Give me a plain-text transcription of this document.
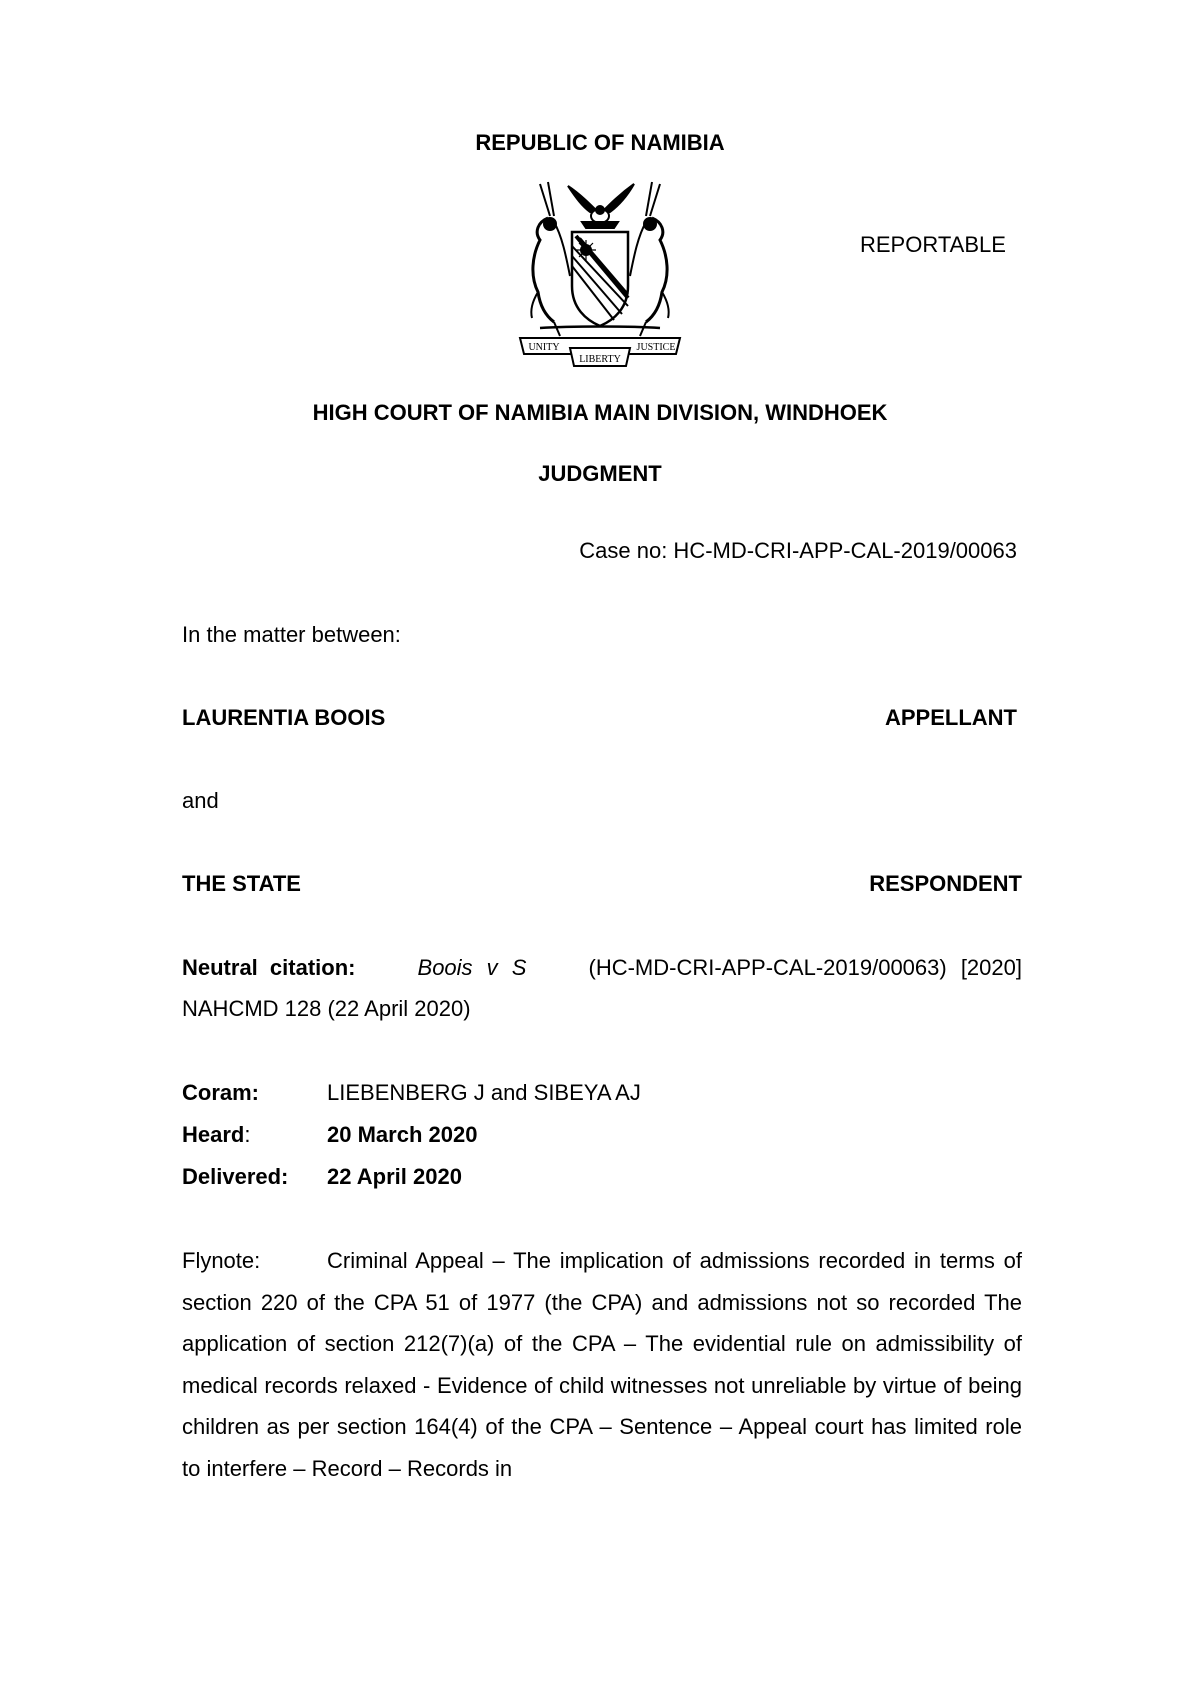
REPUBLIC OF NAMIBIA
UNITY
LIBERTY
JUSTICE
REPORTABLE
HIGH COURT OF NAMIBIA MAIN DIVISION, WINDHOEK
JUDGMENT
Case no: HC-MD-CRI-APP-CAL-2019/00063
In the matter between:
LAURENTIA BOOIS	APPELLANT
and
THE STATE	RESPONDENT
Neutral citation:	Boois v S	(HC-MD-CRI-APP-CAL-2019/00063) [2020]
NAHCMD 128 (22 April 2020)
Coram:	LIEBENBERG J and SIBEYA AJ
Heard:	20 March 2020
Delivered: 22 April 2020
Flynote:	Criminal Appeal – The implication of admissions recorded in terms of section 220 of the CPA 51 of 1977 (the CPA) and admissions not so recorded The application of section 212(7)(a) of the CPA – The evidential rule on admissibility of medical records relaxed - Evidence of child witnesses not unreliable by virtue of being children as per section 164(4) of the CPA – Sentence – Appeal court has limited role to interfere – Record – Records in
